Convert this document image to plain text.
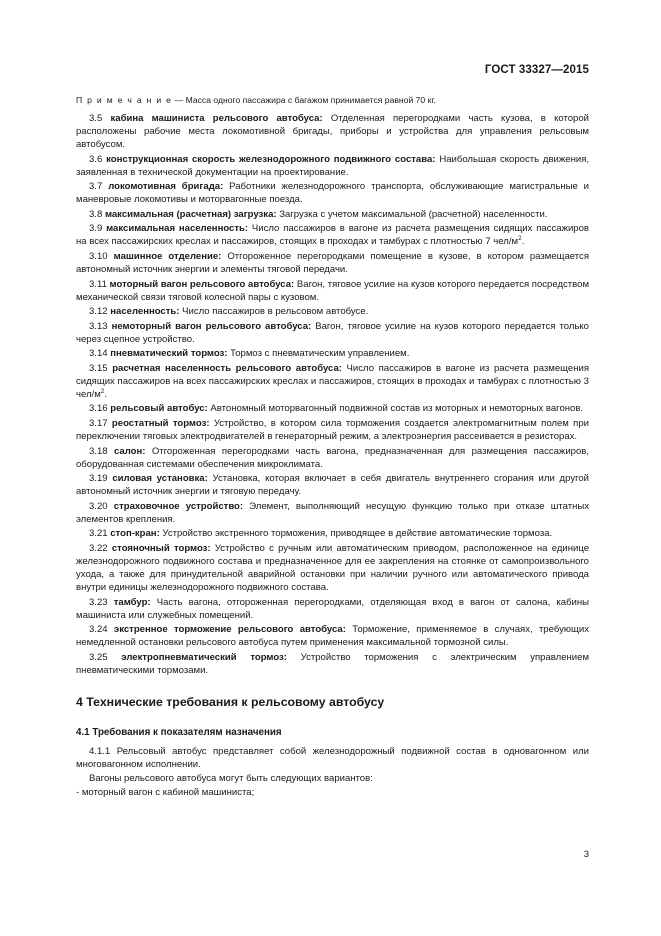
ГОСТ 33327—2015
П р и м е ч а н и е — Масса одного пассажира с багажом принимается равной 70 кг.

3.5 кабина машиниста рельсового автобуса: Отделенная перегородками часть кузова, в которой расположены рабочие места локомотивной бригады, приборы и устройства для управления рельсовым автобусом.

3.6 конструкционная скорость железнодорожного подвижного состава: Наибольшая скорость движения, заявленная в технической документации на проектирование.

3.7 локомотивная бригада: Работники железнодорожного транспорта, обслуживающие магистральные и маневровые локомотивы и моторвагонные поезда.

3.8 максимальная (расчетная) загрузка: Загрузка с учетом максимальной (расчетной) населенности.

3.9 максимальная населенность: Число пассажиров в вагоне из расчета размещения сидящих пассажиров на всех пассажирских креслах и пассажиров, стоящих в проходах и тамбурах с плотностью 7 чел/$м^2$.

3.10 машинное отделение: Отгороженное перегородками помещение в кузове, в котором размещается автономный источник энергии и элементы тяговой передачи.

3.11 моторный вагон рельсового автобуса: Вагон, тяговое усилие на кузов которого передается посредством механической связи тяговой колесной пары с кузовом.

3.12 населенность: Число пассажиров в рельсовом автобусе.

3.13 немоторный вагон рельсового автобуса: Вагон, тяговое усилие на кузов которого передается только через сцепное устройство.

3.14 пневматический тормоз: Тормоз с пневматическим управлением.

3.15 расчетная населенность рельсового автобуса: Число пассажиров в вагоне из расчета размещения сидящих пассажиров на всех пассажирских креслах и пассажиров, стоящих в проходах и тамбурах с плотностью 3 чел/$м^2$.

3.16 рельсовый автобус: Автономный моторвагонный подвижной состав из моторных и немоторных вагонов.

3.17 реостатный тормоз: Устройство, в котором сила торможения создается электромагнитным полем при переключении тяговых электродвигателей в генераторный режим, а электроэнергия рассеивается в резисторах.

3.18 салон: Отгороженная перегородками часть вагона, предназначенная для размещения пассажиров, оборудованная системами обеспечения микроклимата.

3.19 силовая установка: Установка, которая включает в себя двигатель внутреннего сгорания или другой автономный источник энергии и тяговую передачу.

3.20 страховочное устройство: Элемент, выполняющий несущую функцию только при отказе штатных элементов крепления.

3.21 стоп-кран: Устройство экстренного торможения, приводящее в действие автоматические тормоза.

3.22 стояночный тормоз: Устройство с ручным или автоматическим приводом, расположенное на единице железнодорожного подвижного состава и предназначенное для ее закрепления на стоянке от самопроизвольного ухода, а также для принудительной аварийной остановки при наличии ручного или автоматического привода внутри единицы железнодорожного подвижного состава.

3.23 тамбур: Часть вагона, отгороженная перегородками, отделяющая вход в вагон от салона, кабины машиниста или служебных помещений.

3.24 экстренное торможение рельсового автобуса: Торможение, применяемое в случаях, требующих немедленной остановки рельсового автобуса путем применения максимальной тормозной силы.

3.25 электропневматический тормоз: Устройство торможения с электрическим управлением пневматическими тормозами.

4 Технические требования к рельсовому автобусу
4.1 Требования к показателям назначения

4.1.1 Рельсовый автобус представляет собой железнодорожный подвижной состав в одновагонном или многовагонном исполнении.

Вагоны рельсового автобуса могут быть следующих вариантов:

- моторный вагон с кабиной машиниста;

3
